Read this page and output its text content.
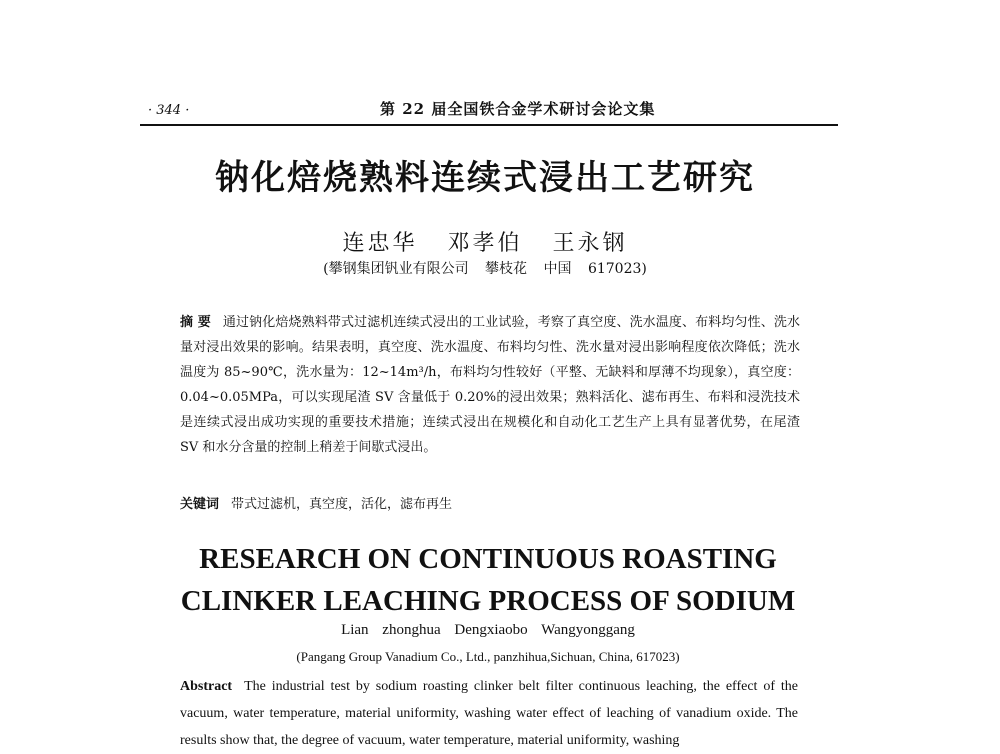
· 344 ·	第 22 届全国铁合金学术研讨会论文集
钠化焙烧熟料连续式浸出工艺研究
连忠华 邓孝伯 王永钢
(攀钢集团钒业有限公司 攀枝花 中国 617023)
摘 要 通过钠化焙烧熟料带式过滤机连续式浸出的工业试验，考察了真空度、洗水温度、布料均匀性、洗水量对浸出效果的影响。结果表明，真空度、洗水温度、布料均匀性、洗水量对浸出影响程度依次降低；洗水温度为 85~90℃，洗水量为：12~14m³/h，布料均匀性较好（平整、无缺料和厚薄不均现象），真空度：0.04~0.05MPa，可以实现尾渣 SV 含量低于 0.20%的浸出效果；熟料活化、滤布再生、布料和浸洗技术是连续式浸出成功实现的重要技术措施；连续式浸出在规模化和自动化工艺生产上具有显著优势，在尾渣 SV 和水分含量的控制上稍差于间歇式浸出。
关键词 带式过滤机，真空度，活化，滤布再生
RESEARCH ON CONTINUOUS ROASTING
CLINKER LEACHING PROCESS OF SODIUM
Lian zhonghua Dengxiaobo Wangyonggang
(Pangang Group Vanadium Co., Ltd., panzhihua,Sichuan, China, 617023)
Abstract The industrial test by sodium roasting clinker belt filter continuous leaching, the effect of the vacuum, water temperature, material uniformity, washing water effect of leaching of vanadium oxide. The results show that, the degree of vacuum, water temperature, material uniformity, washing
